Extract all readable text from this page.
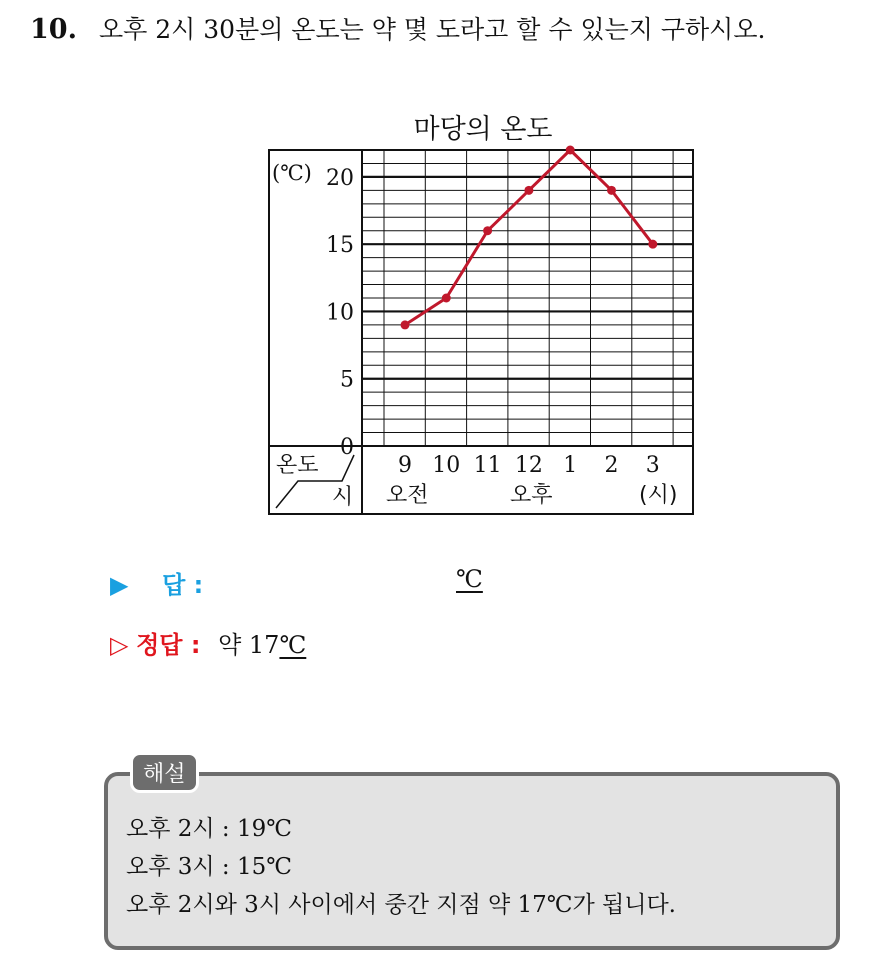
10. 오후 2시 30분의 온도는 약 몇 도라고 할 수 있는지 구하시오.
마당의 온도
(℃)
0
5
10
15
20
9 10 11 12 1 2 3
온도
시 오전	오후	(시)
▶ 답 :	℃
▷ 정답 : 약 17℃
해설
오후 2시 : 19℃
오후 3시 : 15℃
오후 2시와 3시 사이에서 중간 지점 약 17℃가 됩니다.
